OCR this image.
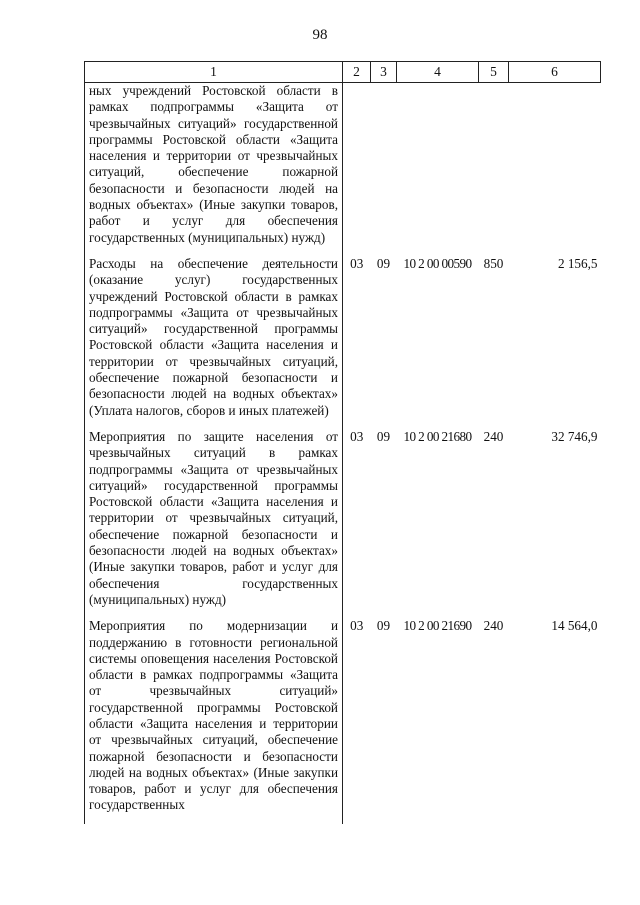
98
1	2	3	4	5	6
ных учреждений Ростовской области в рамках подпрограммы «Защита от чрезвычайных ситуаций» государственной программы Ростовской области «Защита населения и территории от чрезвычайных ситуаций, обеспечение пожарной безопасности и безопасности людей на водных объектах» (Иные закупки товаров, работ и услуг для обеспечения государственных (муниципальных) нужд)					
Расходы на обеспечение деятельности (оказание услуг) государственных учреждений Ростовской области в рамках подпрограммы «Защита от чрезвычайных ситуаций» государственной программы Ростовской области «Защита населения и территории от чрезвычайных ситуаций, обеспечение пожарной безопасности и безопасности людей на водных объектах» (Уплата налогов, сборов и иных платежей)	03	09	10 2 00 00590	850	2 156,5
Мероприятия по защите населения от чрезвычайных ситуаций в рамках подпрограммы «Защита от чрезвычайных ситуаций» государственной программы Ростовской области «Защита населения и территории от чрезвычайных ситуаций, обеспечение пожарной безопасности и безопасности людей на водных объектах» (Иные закупки товаров, работ и услуг для обеспечения государственных (муниципальных) нужд)	03	09	10 2 00 21680	240	32 746,9
Мероприятия по модернизации и поддержанию в готовности региональной системы оповещения населения Ростовской области в рамках подпрограммы «Защита от чрезвычайных ситуаций» государственной программы Ростовской области «Защита населения и территории от чрезвычайных ситуаций, обеспечение пожарной безопасности и безопасности людей на водных объектах» (Иные закупки товаров, работ и услуг для обеспечения государственных	03	09	10 2 00 21690	240	14 564,0
